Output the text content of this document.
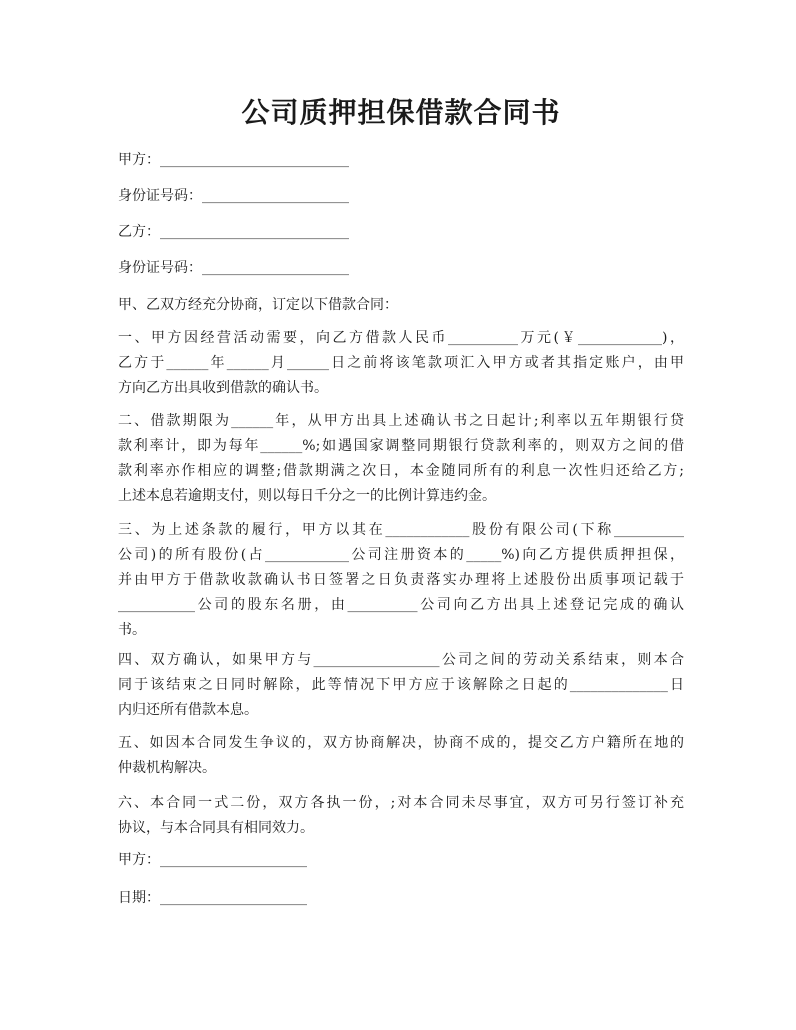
公司质押担保借款合同书
甲方：___________________________
身份证号码：_____________________
乙方：___________________________
身份证号码：_____________________
甲、乙双方经充分协商，订定以下借款合同：
一、甲方因经营活动需要，向乙方借款人民币__________万元(￥____________)，
乙方于______年______月______日之前将该笔款项汇入甲方或者其指定账户，由甲
方向乙方出具收到借款的确认书。
二、借款期限为______年，从甲方出具上述确认书之日起计;利率以五年期银行贷
款利率计，即为每年______%;如遇国家调整同期银行贷款利率的，则双方之间的借
款利率亦作相应的调整;借款期满之次日，本金随同所有的利息一次性归还给乙方;
上述本息若逾期支付，则以每日千分之一的比例计算违约金。
三、为上述条款的履行，甲方以其在____________股份有限公司(下称__________
公司)的所有股份(占____________公司注册资本的_____%)向乙方提供质押担保，
并由甲方于借款收款确认书日签署之日负责落实办理将上述股份出质事项记载于
___________公司的股东名册，由__________公司向乙方出具上述登记完成的确认
书。
四、双方确认，如果甲方与__________________公司之间的劳动关系结束，则本合
同于该结束之日同时解除，此等情况下甲方应于该解除之日起的______________日
内归还所有借款本息。
五、如因本合同发生争议的，双方协商解决，协商不成的，提交乙方户籍所在地的
仲裁机构解决。
六、本合同一式二份，双方各执一份，;对本合同未尽事宜，双方可另行签订补充
协议，与本合同具有相同效力。
甲方：_____________________
日期：_____________________
